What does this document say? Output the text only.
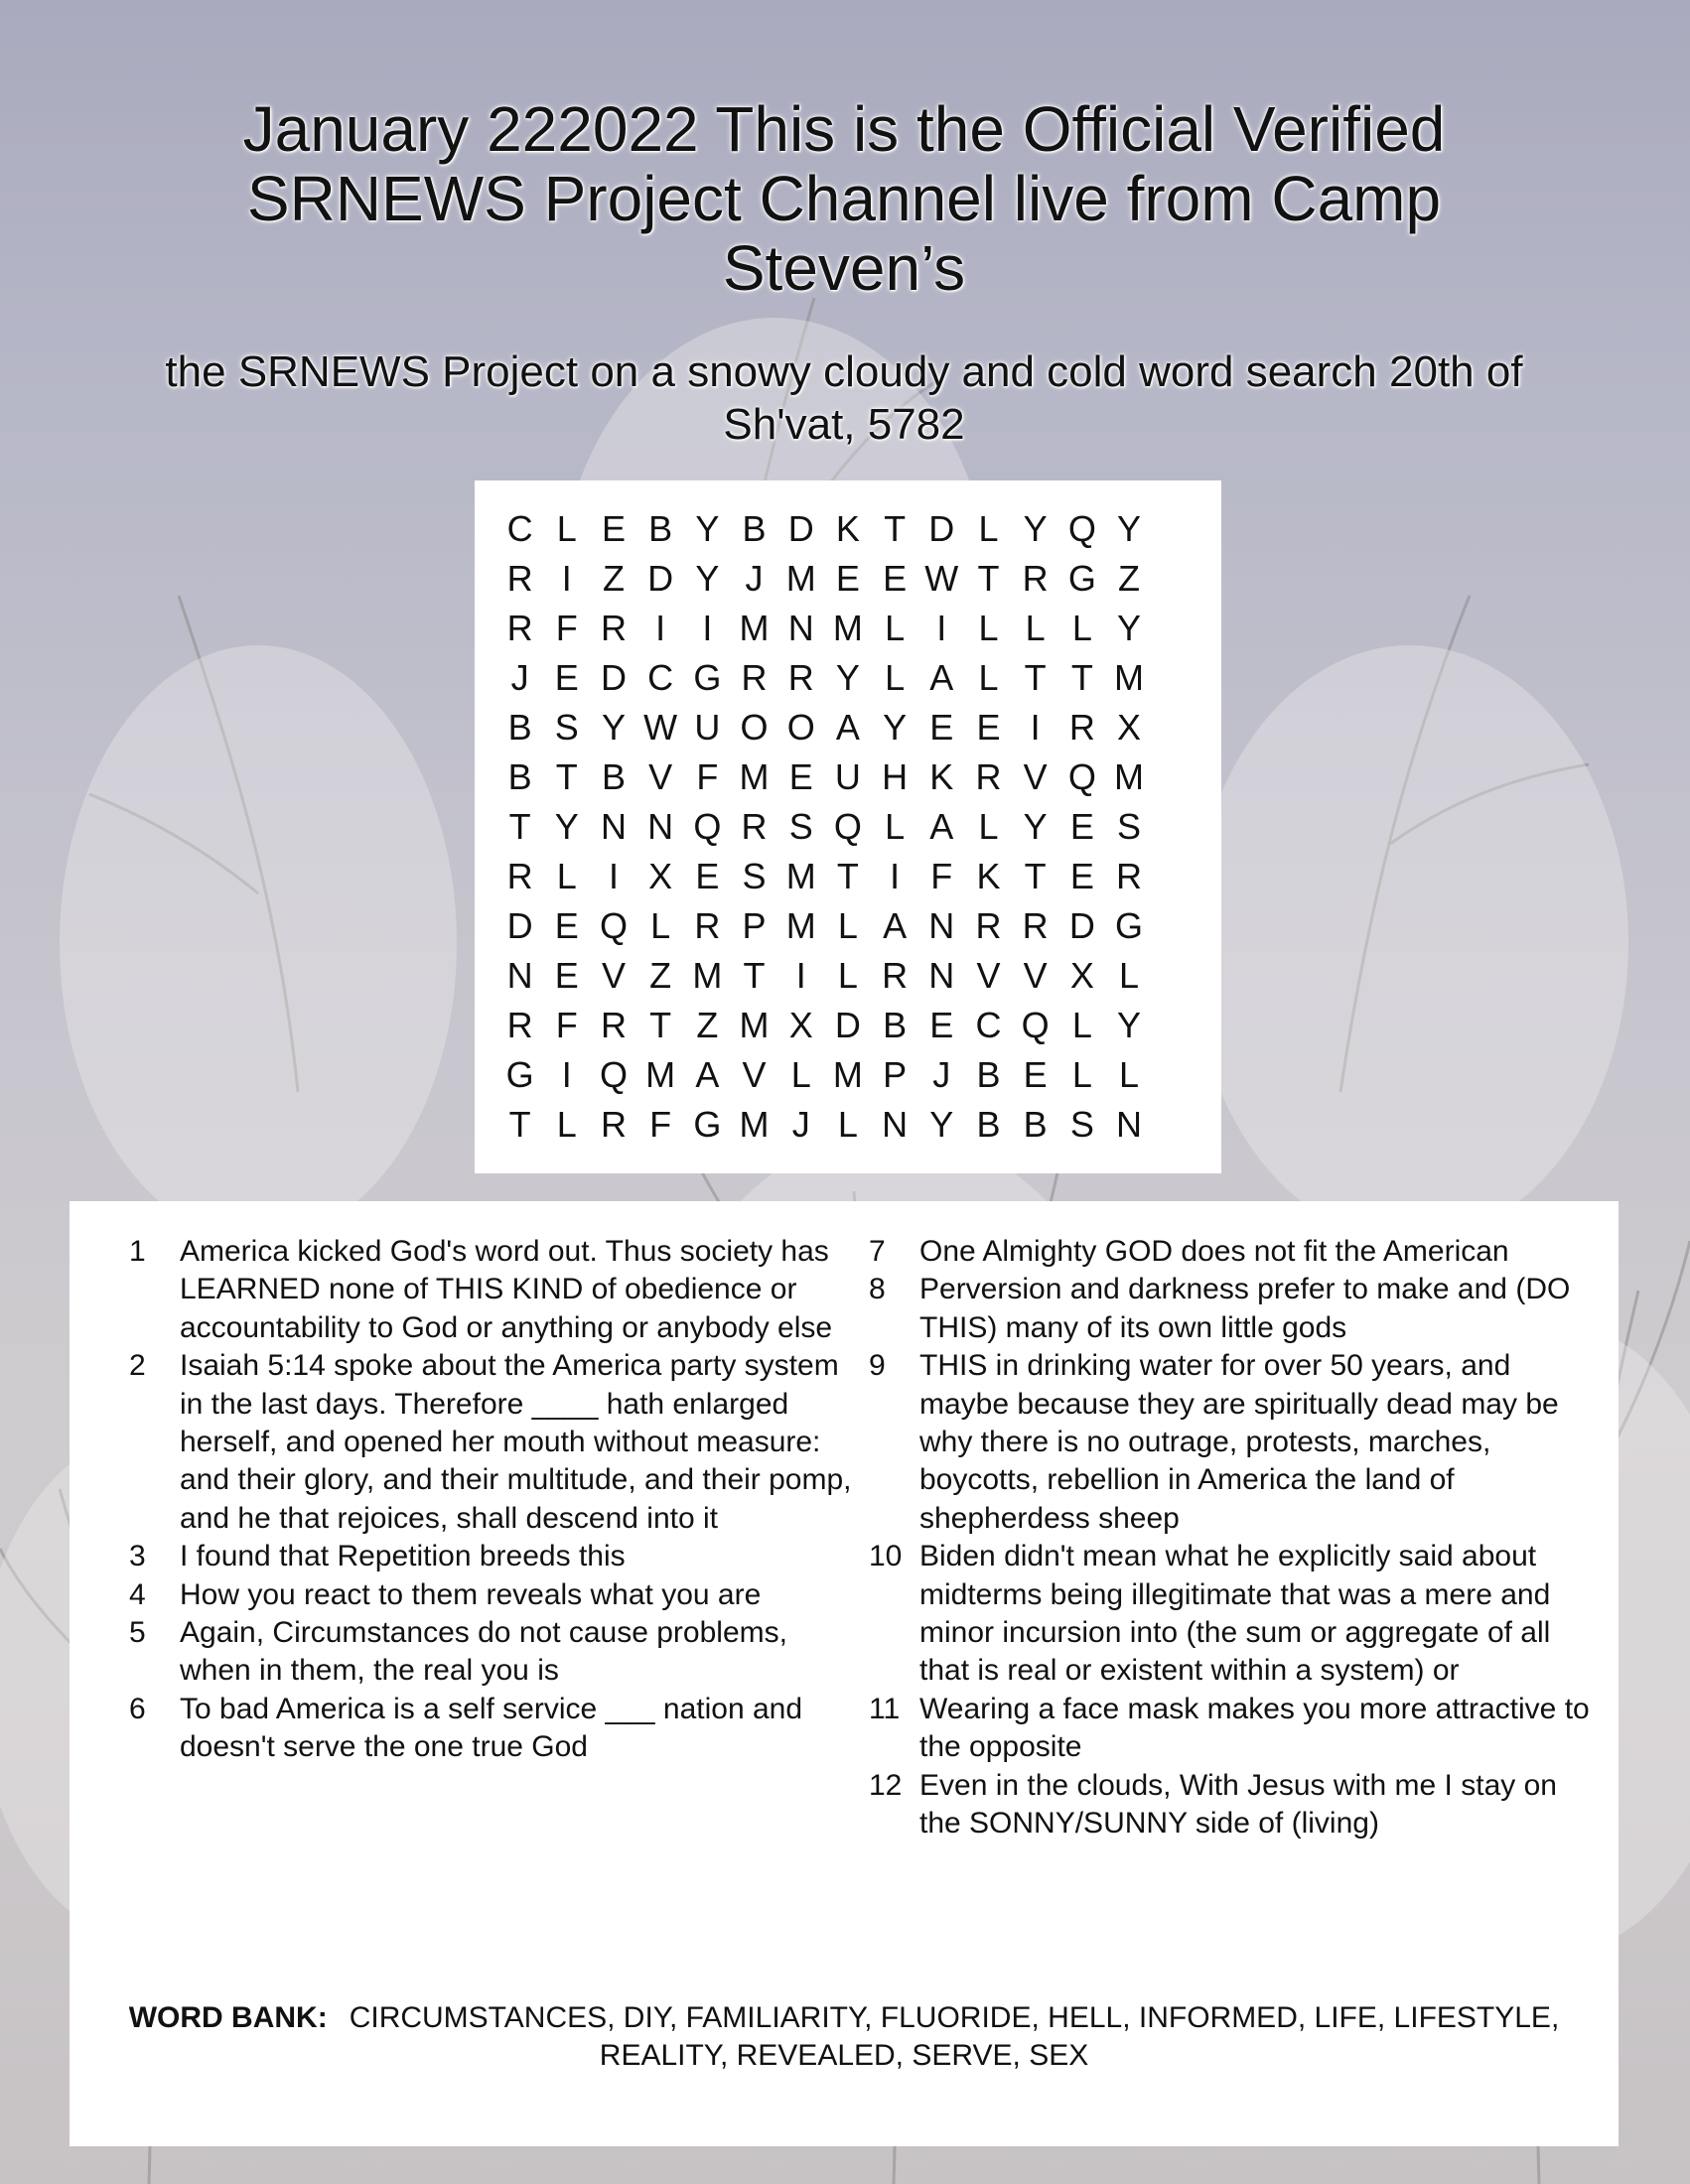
January 222022 This is the Official Verified SRNEWS Project Channel live from Camp Steven’s
the SRNEWS Project on a snowy cloudy and cold word search 20th of Sh'vat, 5782
C L E B Y B D K T D L Y Q Y
R I Z D Y J M E E W T R G Z
R F R I	I M N M L I L L L Y
J E D C G R R Y L A L T T M
B S Y W U O O A Y E E I R X
B T B V F M E U H K R V Q M
T Y N N Q R S Q L A L Y E S
R L I X E S M T I F K T E R
D E Q L R P M L A N R R D G
N E V Z M T I L R N V V X L
R F R T Z M X D B E C Q L Y
G I Q M A V L M P J B E L L
T L R F G M J L N Y B B S N
1	America kicked God's word out. Thus society has LEARNED none of THIS KIND of obedience or accountability to God or anything or anybody else
2	Isaiah 5:14 spoke about the America party system in the last days. Therefore ____ hath enlarged herself, and opened her mouth without measure: and their glory, and their multitude, and their pomp, and he that rejoices, shall descend into it
3	I found that Repetition breeds this
4	How you react to them reveals what you are
5	Again, Circumstances do not cause problems, when in them, the real you is
6	To bad America is a self service ___ nation and doesn't serve the one true God
7	One Almighty GOD does not fit the American
8	Perversion and darkness prefer to make and (DO THIS) many of its own little gods
9	THIS in drinking water for over 50 years, and maybe because they are spiritually dead may be why there is no outrage, protests, marches, boycotts, rebellion in America the land of shepherdess sheep
10 Biden didn't mean what he explicitly said about midterms being illegitimate that was a mere and minor incursion into (the sum or aggregate of all that is real or existent within a system) or
11 Wearing a face mask makes you more attractive to the opposite
12 Even in the clouds, With Jesus with me I stay on the SONNY/SUNNY side of (living)
WORD BANK: CIRCUMSTANCES, DIY, FAMILIARITY, FLUORIDE, HELL, INFORMED, LIFE, LIFESTYLE, REALITY, REVEALED, SERVE, SEX
